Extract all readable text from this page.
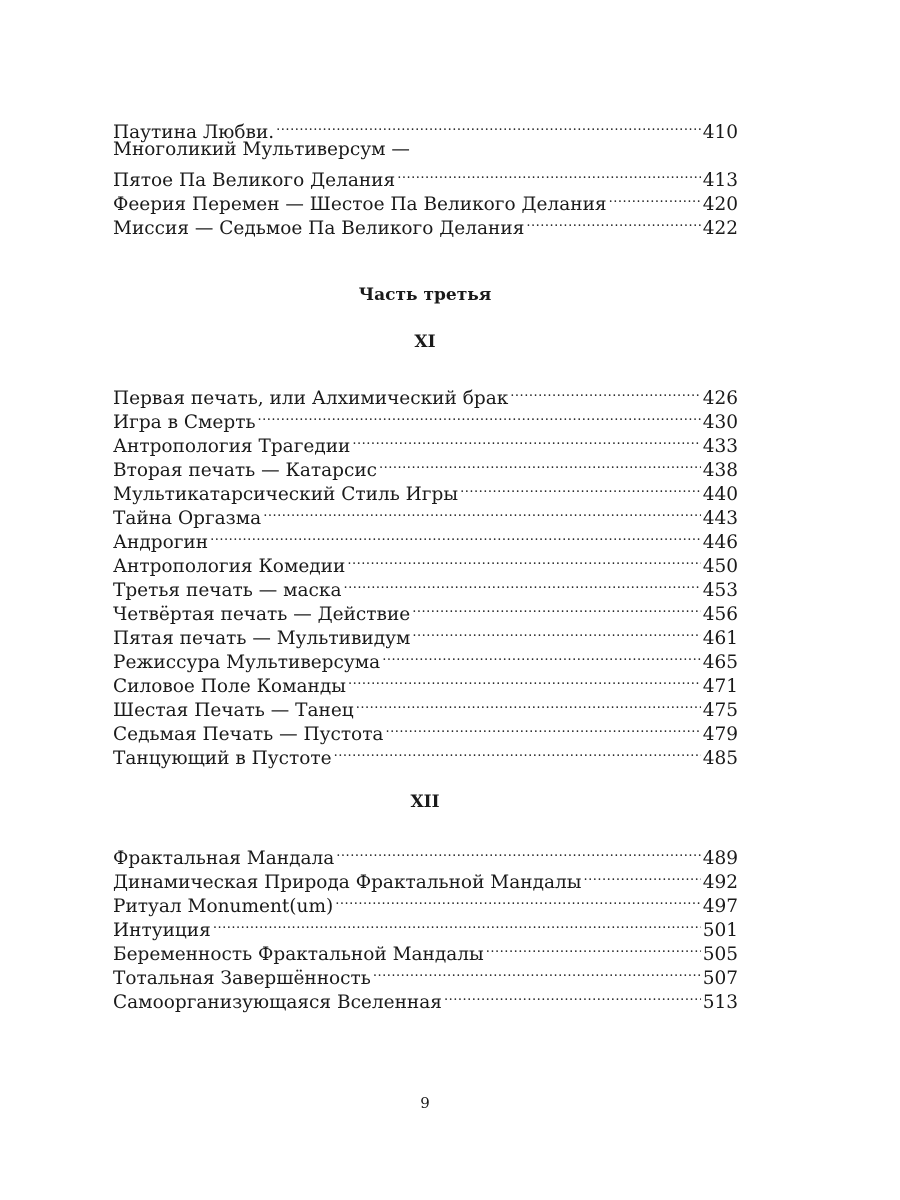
Паутина Любви. .....	410
Многоликий Мультиверсум —
Пятое Па Великого Делания .....	413
Феерия Перемен — Шестое Па Великого Делания .....	420
Миссия — Седьмое Па Великого Делания .....	422
Часть третья
XI
Первая печать, или Алхимический брак .....	426
Игра в Смерть .....	430
Антропология Трагедии .....	433
Вторая печать — Катарсис .....	438
Мультикатарсический Стиль Игры .....	440
Тайна Оргазма .....	443
Андрогин .....	446
Антропология Комедии .....	450
Третья печать — маска .....	453
Четвёртая печать — Действие .....	456
Пятая печать — Мультивидум .....	461
Режиссура Мультиверсума .....	465
Силовое Поле Команды .....	471
Шестая Печать — Танец .....	475
Седьмая Печать — Пустота .....	479
Танцующий в Пустоте .....	485
XII
Фрактальная Мандала .....	489
Динамическая Природа Фрактальной Мандалы .....	492
Ритуал Monument(um) .....	497
Интуиция .....	501
Беременность Фрактальной Мандалы .....	505
Тотальная Завершённость .....	507
Самоорганизующаяся Вселенная .....	513
9
